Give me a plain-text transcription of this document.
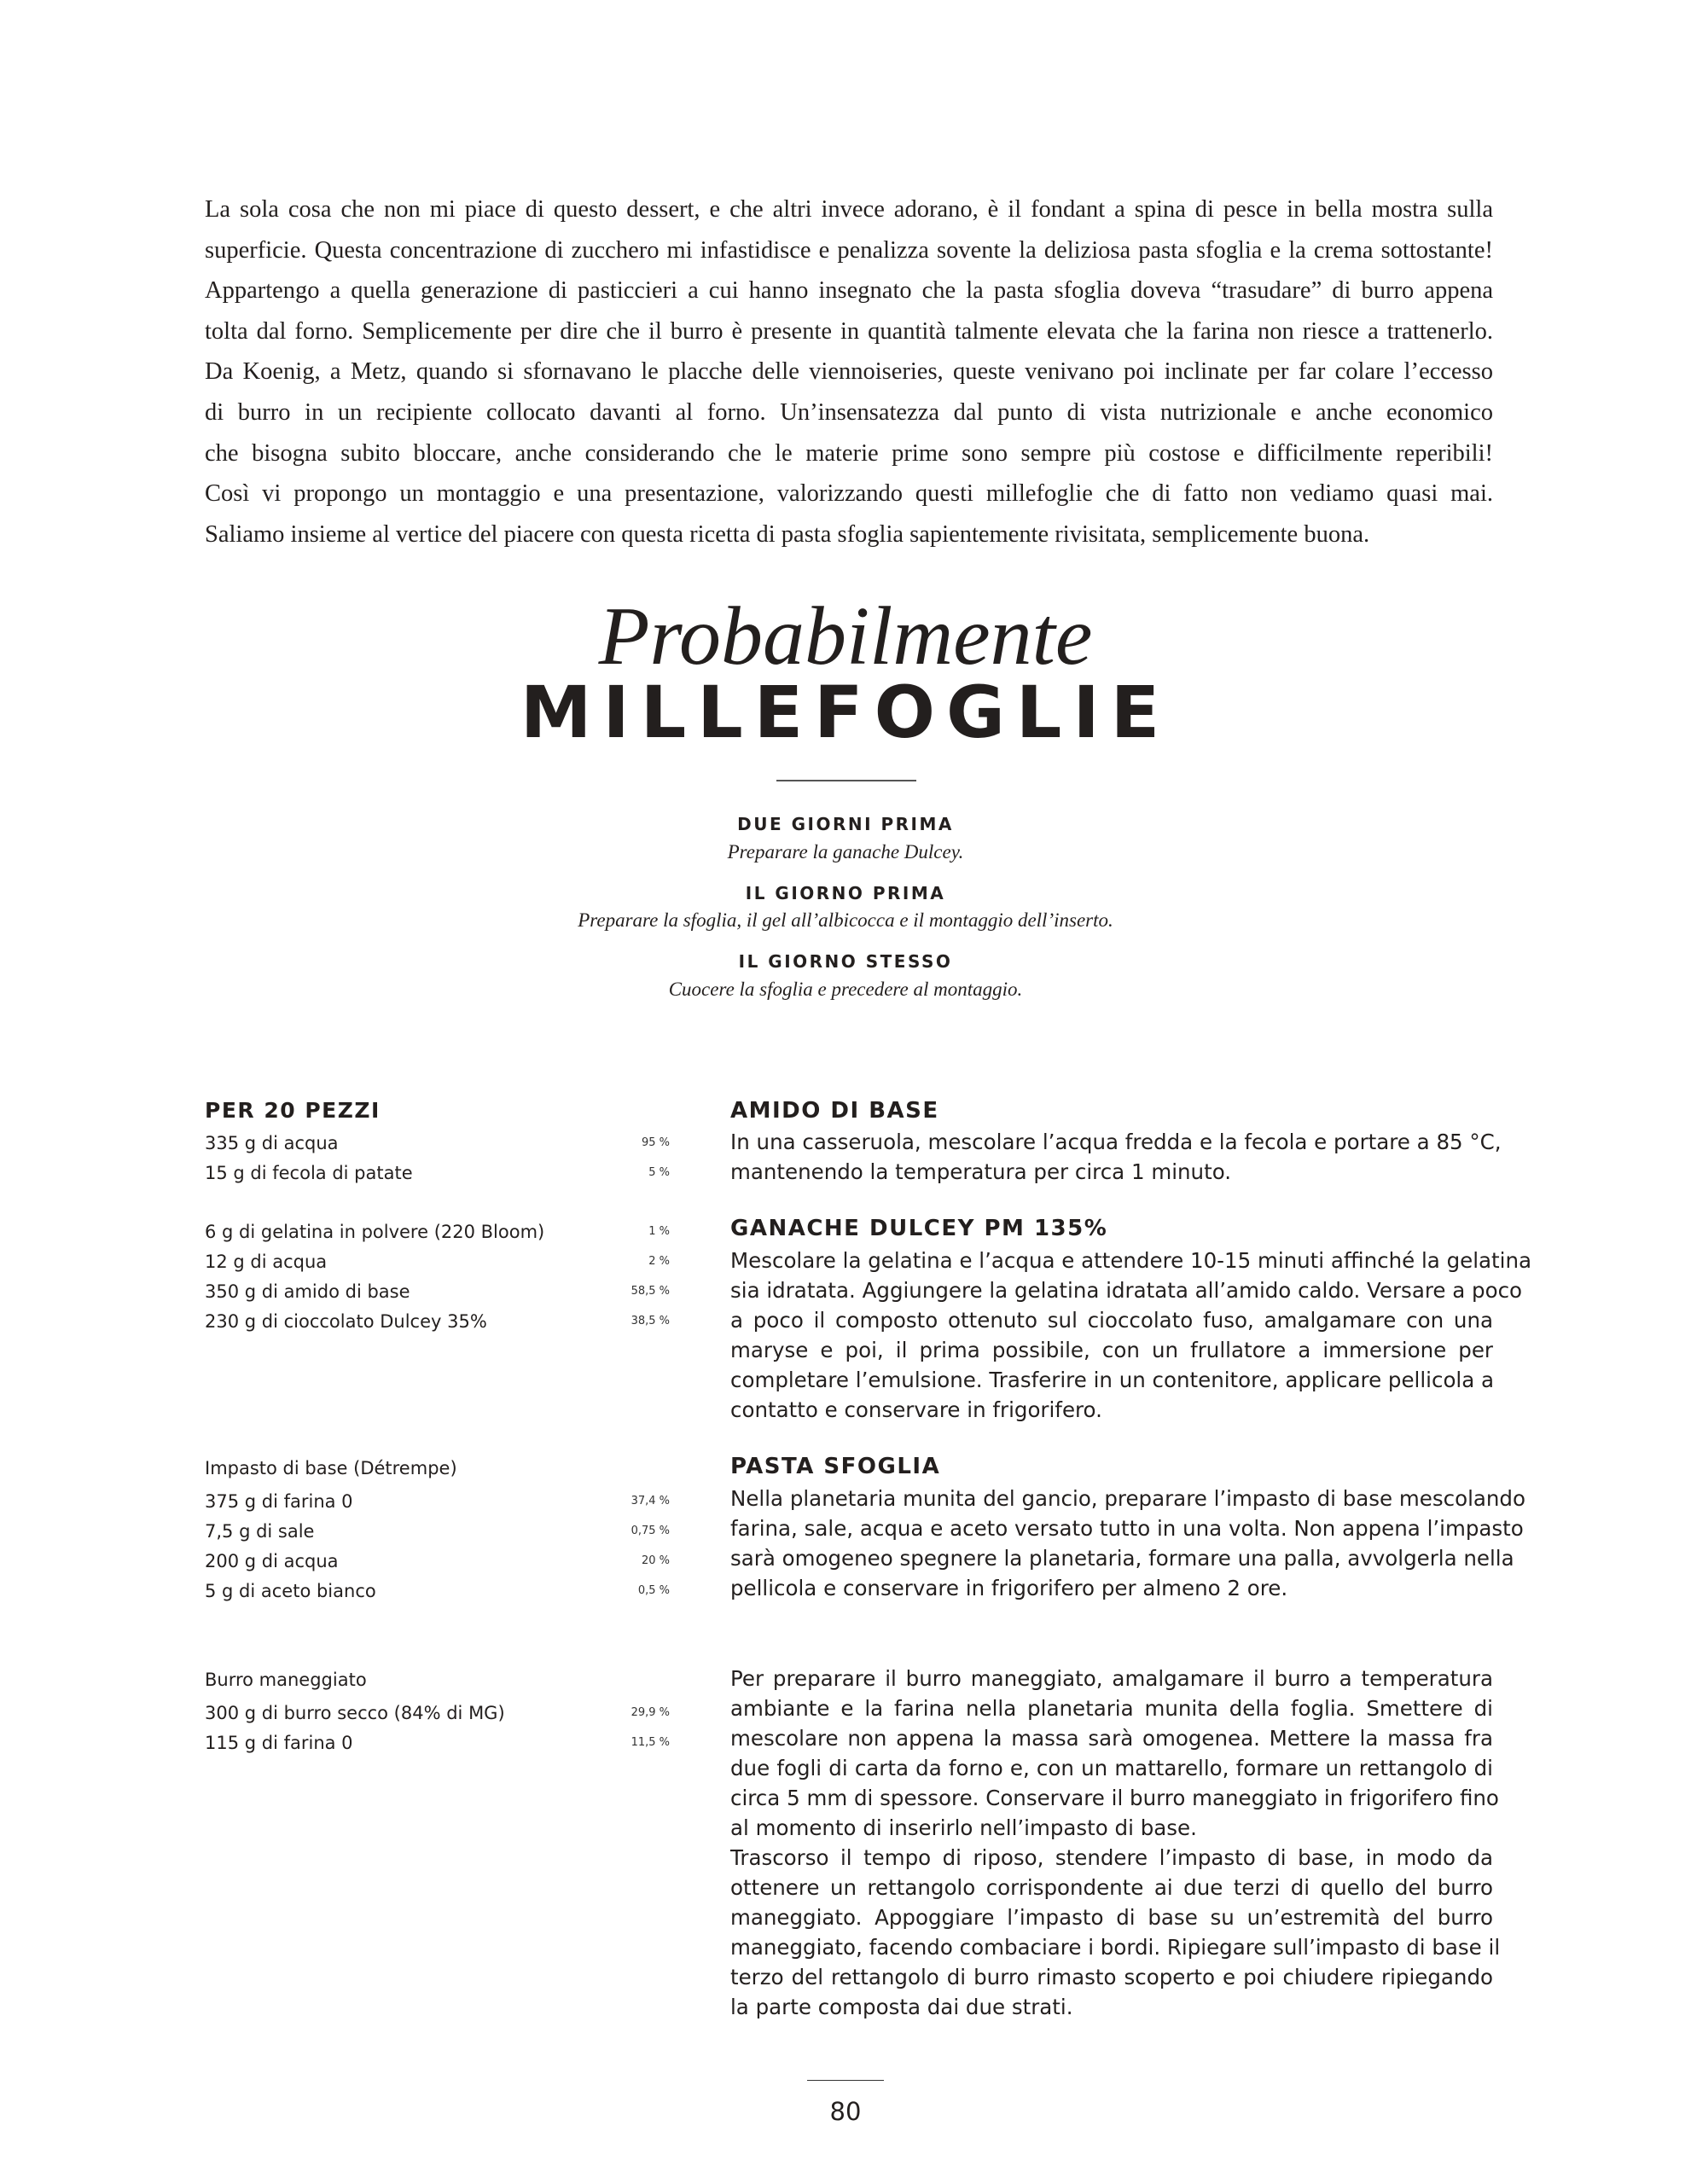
La sola cosa che non mi piace di questo dessert, e che altri invece adorano, è il fondant a spina di pesce in bella mostra sulla
superficie. Questa concentrazione di zucchero mi infastidisce e penalizza sovente la deliziosa pasta sfoglia e la crema sottostante!
Appartengo a quella generazione di pasticcieri a cui hanno insegnato che la pasta sfoglia doveva “trasudare” di burro appena
tolta dal forno. Semplicemente per dire che il burro è presente in quantità talmente elevata che la farina non riesce a trattenerlo.
Da Koenig, a Metz, quando si sfornavano le placche delle viennoiseries, queste venivano poi inclinate per far colare l’eccesso
di burro in un recipiente collocato davanti al forno. Un’insensatezza dal punto di vista nutrizionale e anche economico
che bisogna subito bloccare, anche considerando che le materie prime sono sempre più costose e difficilmente reperibili!
Così vi propongo un montaggio e una presentazione, valorizzando questi millefoglie che di fatto non vediamo quasi mai.
Saliamo insieme al vertice del piacere con questa ricetta di pasta sfoglia sapientemente rivisitata, semplicemente buona.
Probabilmente
MILLEFOGLIE
DUE GIORNI PRIMA
Preparare la ganache Dulcey.
IL GIORNO PRIMA
Preparare la sfoglia, il gel all’albicocca e il montaggio dell’inserto.
IL GIORNO STESSO
Cuocere la sfoglia e precedere al montaggio.
PER 20 PEZZI
335 g di acqua	95 %
15 g di fecola di patate	5 %
6 g di gelatina in polvere (220 Bloom)	1 %
12 g di acqua	2 %
350 g di amido di base	58,5 %
230 g di cioccolato Dulcey 35%	38,5 %
Impasto di base (Détrempe)
375 g di farina 0	37,4 %
7,5 g di sale	0,75 %
200 g di acqua	20 %
5 g di aceto bianco	0,5 %
Burro maneggiato
300 g di burro secco (84% di MG)	29,9 %
115 g di farina 0	11,5 %
AMIDO DI BASE
In una casseruola, mescolare l’acqua fredda e la fecola e portare a 85 °C,
mantenendo la temperatura per circa 1 minuto.
GANACHE DULCEY PM 135%
Mescolare la gelatina e l’acqua e attendere 10-15 minuti affinché la gelatina
sia idratata. Aggiungere la gelatina idratata all’amido caldo. Versare a poco
a poco il composto ottenuto sul cioccolato fuso, amalgamare con una
maryse e poi, il prima possibile, con un frullatore a immersione per
completare l’emulsione. Trasferire in un contenitore, applicare pellicola a
contatto e conservare in frigorifero.
PASTA SFOGLIA
Nella planetaria munita del gancio, preparare l’impasto di base mescolando
farina, sale, acqua e aceto versato tutto in una volta. Non appena l’impasto
sarà omogeneo spegnere la planetaria, formare una palla, avvolgerla nella
pellicola e conservare in frigorifero per almeno 2 ore.
Per preparare il burro maneggiato, amalgamare il burro a temperatura
ambiante e la farina nella planetaria munita della foglia. Smettere di
mescolare non appena la massa sarà omogenea. Mettere la massa fra
due fogli di carta da forno e, con un mattarello, formare un rettangolo di
circa 5 mm di spessore. Conservare il burro maneggiato in frigorifero fino
al momento di inserirlo nell’impasto di base.
Trascorso il tempo di riposo, stendere l’impasto di base, in modo da
ottenere un rettangolo corrispondente ai due terzi di quello del burro
maneggiato. Appoggiare l’impasto di base su un’estremità del burro
maneggiato, facendo combaciare i bordi. Ripiegare sull’impasto di base il
terzo del rettangolo di burro rimasto scoperto e poi chiudere ripiegando
la parte composta dai due strati.
80
